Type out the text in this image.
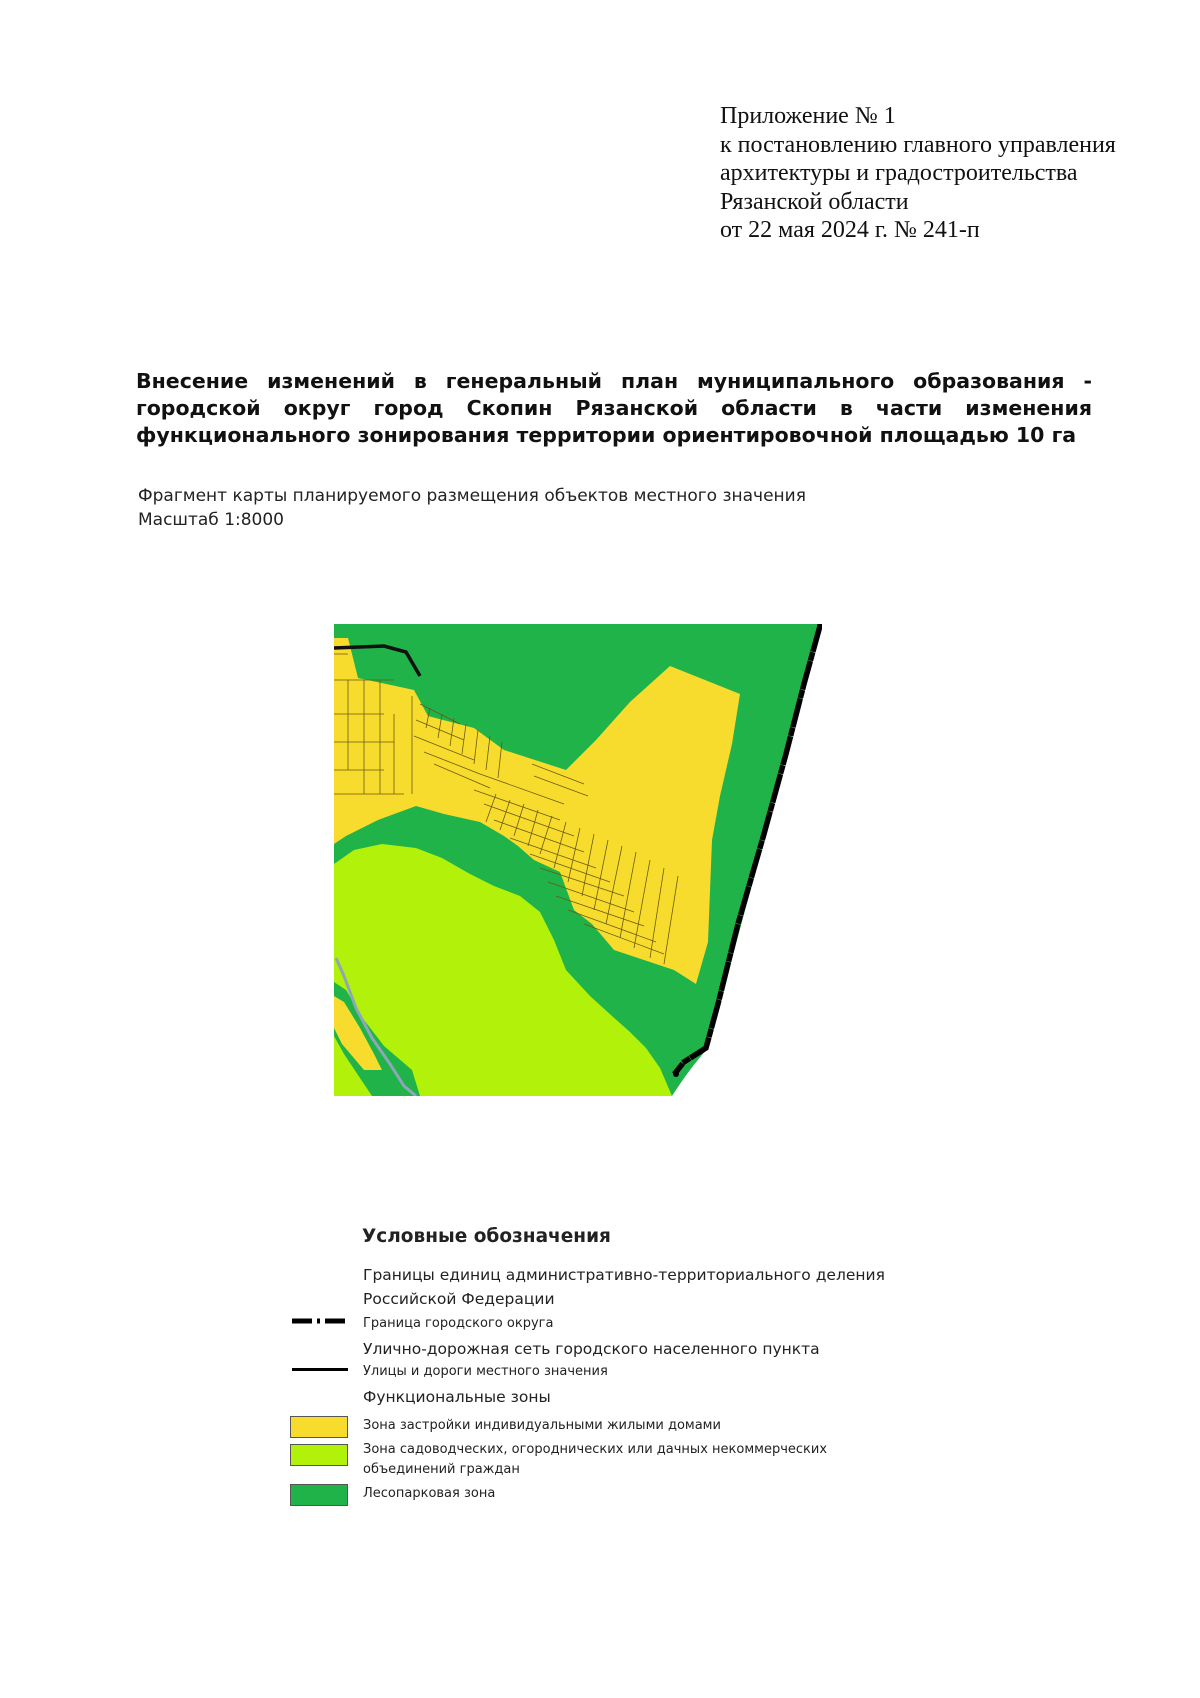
Приложение № 1
к постановлению главного управления
архитектуры и градостроительства
Рязанской области
от 22 мая 2024 г. № 241-п
Внесение изменений в генеральный план муниципального образования -
городской округ город Скопин Рязанской области в части изменения
функционального зонирования территории ориентировочной площадью 10 га
Фрагмент карты планируемого размещения объектов местного значения
Масштаб 1:8000
Условные обозначения
Границы единиц административно-территориального деления
Российской Федерации
Граница городского округа
Улично-дорожная сеть городского населенного пункта
Улицы и дороги местного значения
Функциональные зоны
Зона застройки индивидуальными жилыми домами
Зона садоводческих, огороднических или дачных некоммерческих
объединений граждан
Лесопарковая зона
